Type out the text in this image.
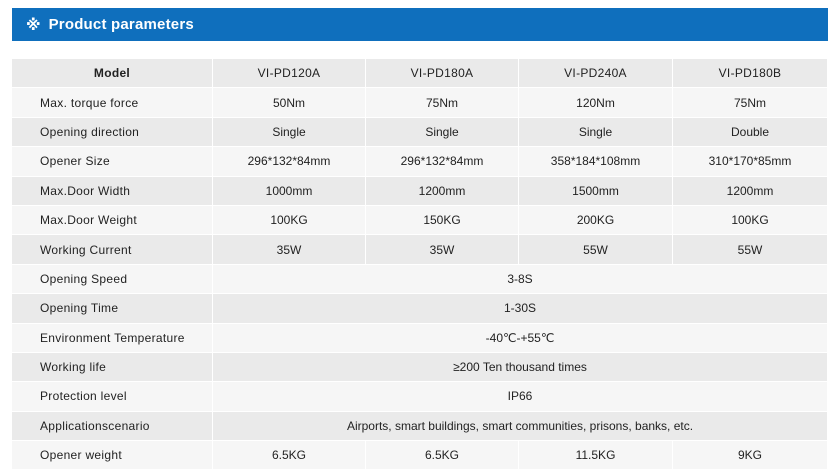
※ Product parameters
Model	VI-PD120A	VI-PD180A	VI-PD240A	VI-PD180B
Max. torque force	50Nm	75Nm	120Nm	75Nm
Opening direction	Single	Single	Single	Double
Opener Size	296*132*84mm	296*132*84mm	358*184*108mm	310*170*85mm
Max.Door Width	1000mm	1200mm	1500mm	1200mm
Max.Door Weight	100KG	150KG	200KG	100KG
Working Current	35W	35W	55W	55W
Opening Speed	3-8S			
Opening Time	1-30S			
Environment Temperature	-40℃-+55℃			
Working life	≥200 Ten thousand times			
Protection level	IP66			
Applicationscenario	Airports, smart buildings, smart communities, prisons, banks, etc.			
Opener weight	6.5KG	6.5KG	11.5KG	9KG
